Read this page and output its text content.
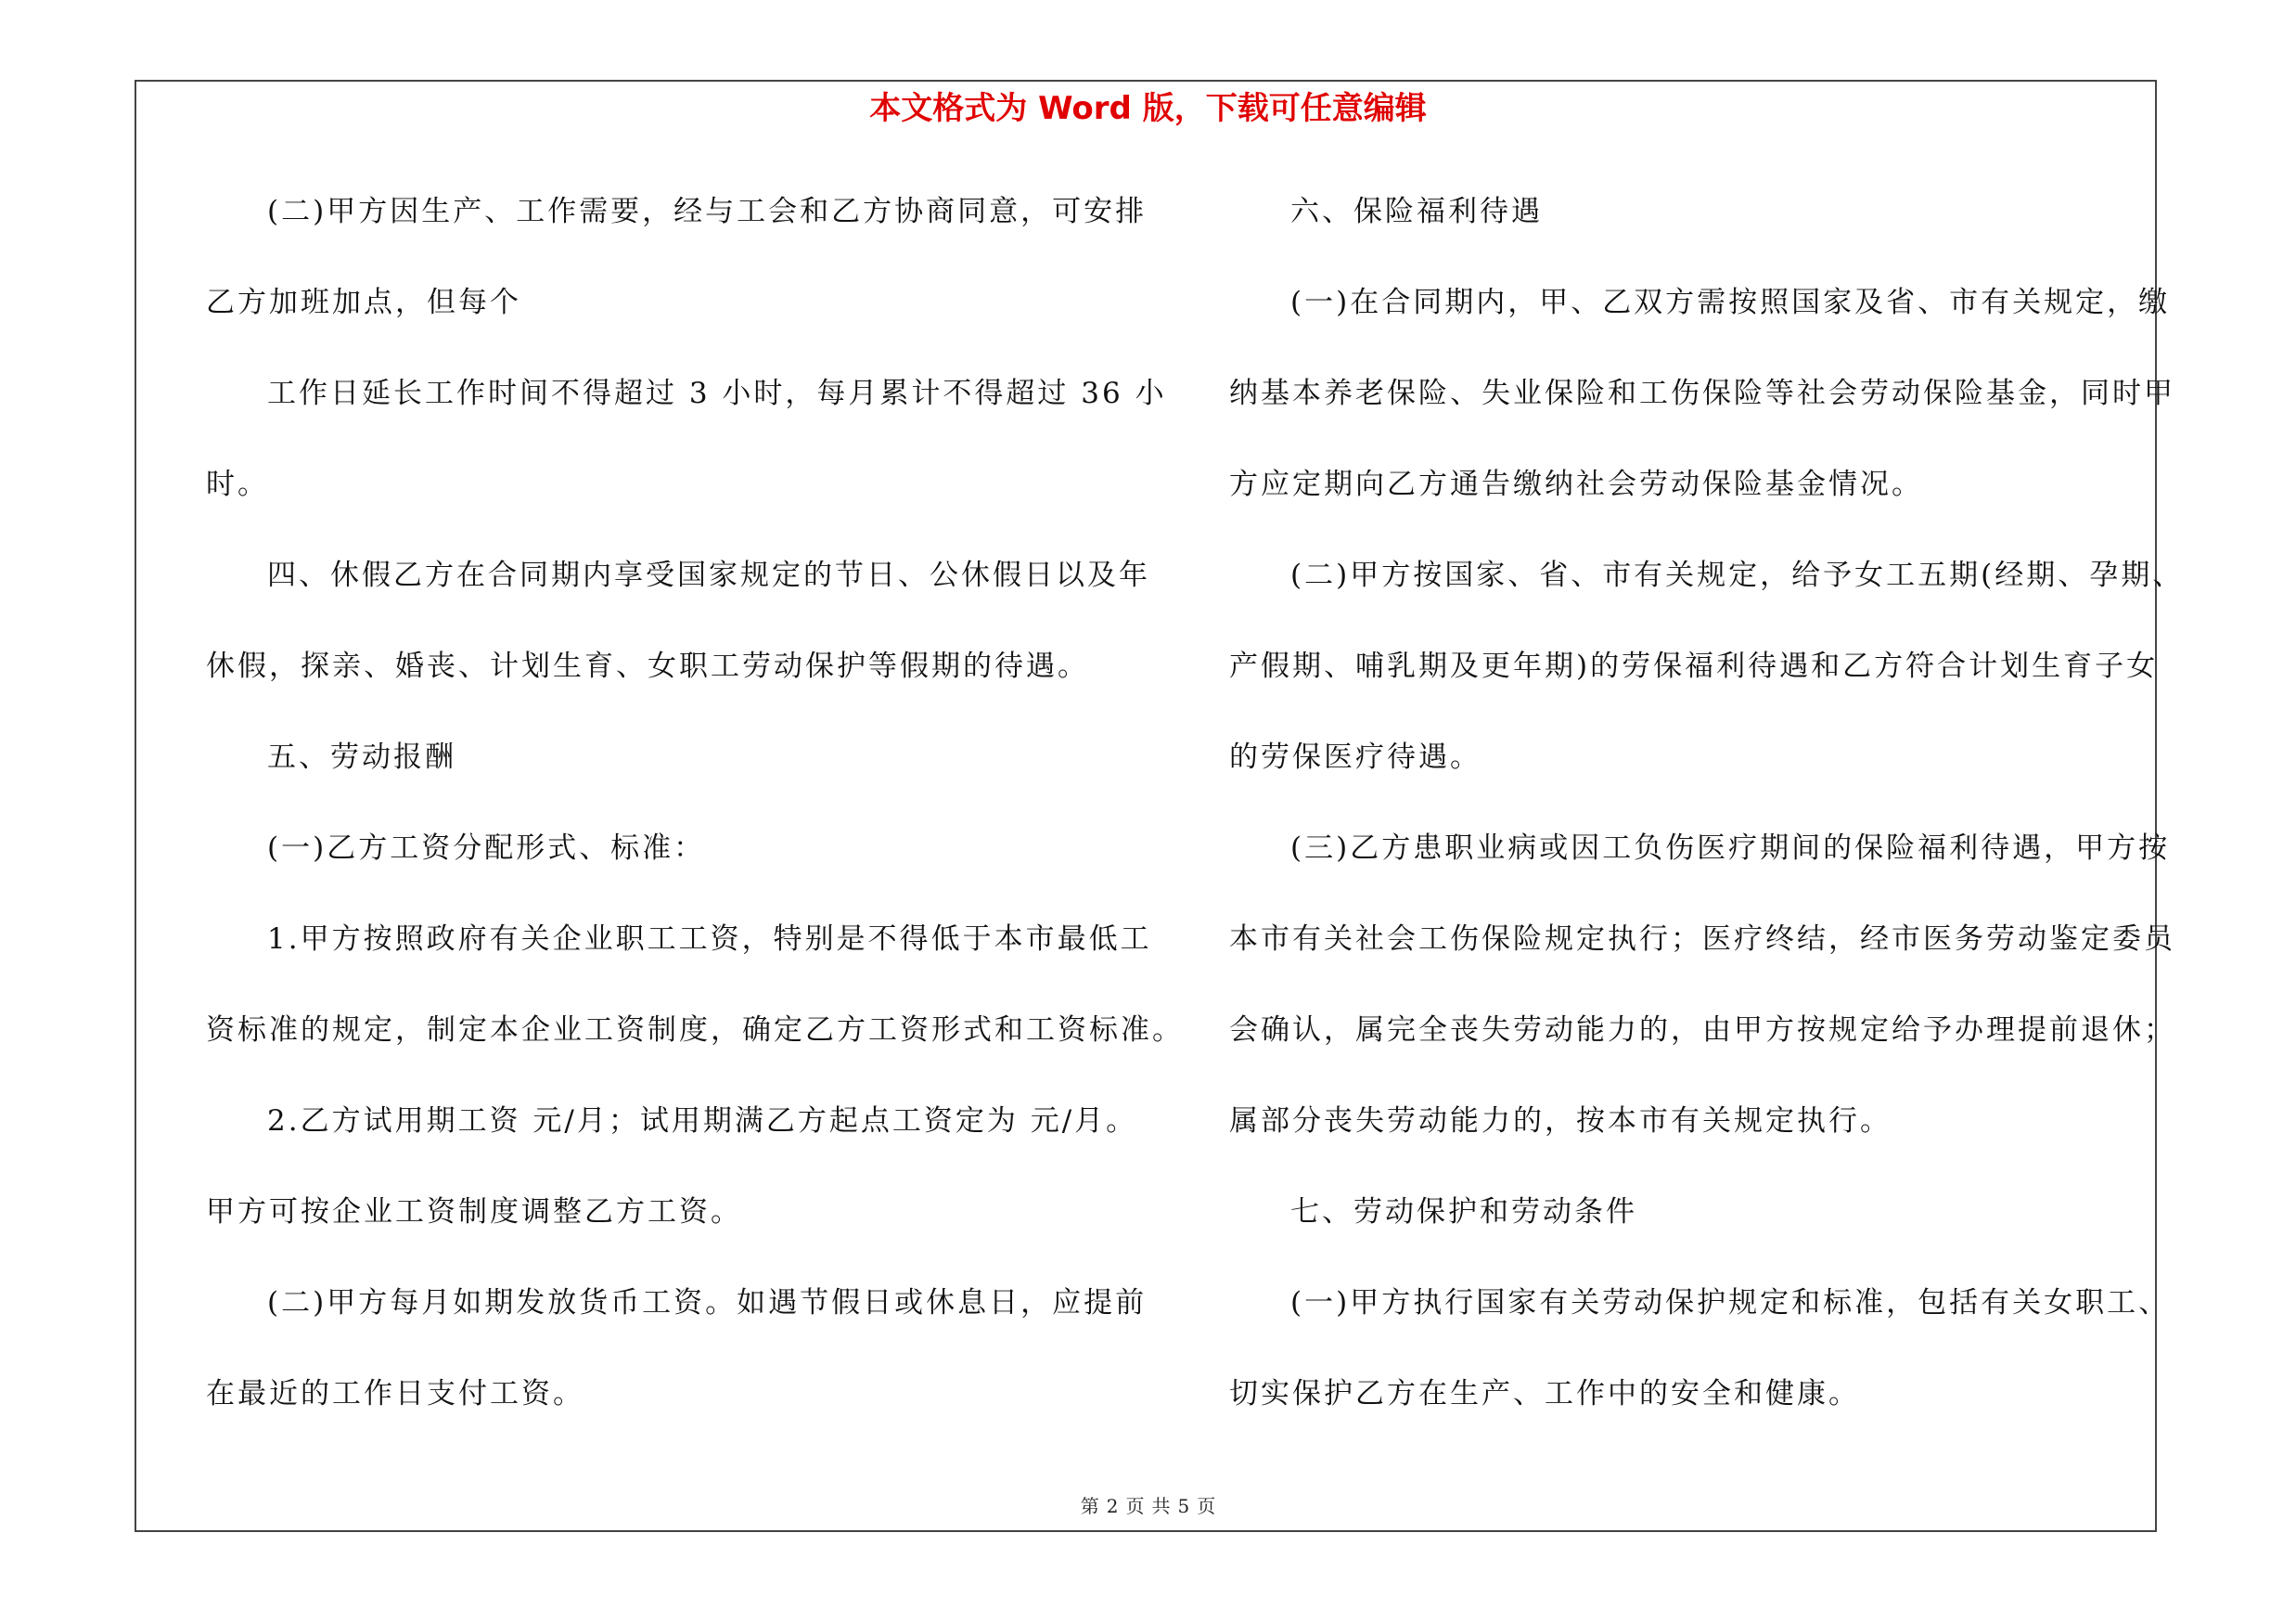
本文格式为 Word 版，下载可任意编辑
(二)甲方因生产、工作需要，经与工会和乙方协商同意，可安排
乙方加班加点，但每个
工作日延长工作时间不得超过 3 小时，每月累计不得超过 36 小
时。
四、休假乙方在合同期内享受国家规定的节日、公休假日以及年
休假，探亲、婚丧、计划生育、女职工劳动保护等假期的待遇。
五、劳动报酬
(一)乙方工资分配形式、标准：
1.甲方按照政府有关企业职工工资，特别是不得低于本市最低工
资标准的规定，制定本企业工资制度，确定乙方工资形式和工资标准。
2.乙方试用期工资 元/月；试用期满乙方起点工资定为 元/月。
甲方可按企业工资制度调整乙方工资。
(二)甲方每月如期发放货币工资。如遇节假日或休息日，应提前
在最近的工作日支付工资。
六、保险福利待遇
(一)在合同期内，甲、乙双方需按照国家及省、市有关规定，缴
纳基本养老保险、失业保险和工伤保险等社会劳动保险基金，同时甲
方应定期向乙方通告缴纳社会劳动保险基金情况。
(二)甲方按国家、省、市有关规定，给予女工五期(经期、孕期、
产假期、哺乳期及更年期)的劳保福利待遇和乙方符合计划生育子女
的劳保医疗待遇。
(三)乙方患职业病或因工负伤医疗期间的保险福利待遇，甲方按
本市有关社会工伤保险规定执行；医疗终结，经市医务劳动鉴定委员
会确认，属完全丧失劳动能力的，由甲方按规定给予办理提前退休；
属部分丧失劳动能力的，按本市有关规定执行。
七、劳动保护和劳动条件
(一)甲方执行国家有关劳动保护规定和标准，包括有关女职工、
切实保护乙方在生产、工作中的安全和健康。
第 2 页 共 5 页
